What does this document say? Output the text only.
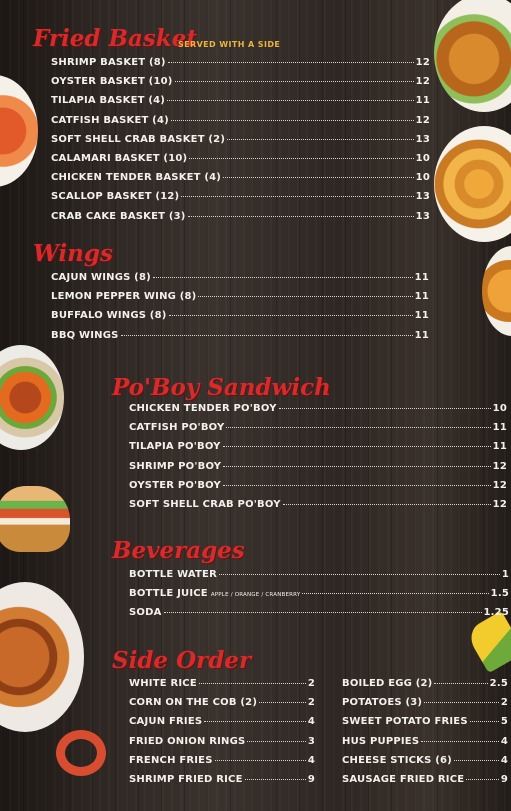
Fried Basket
SERVED WITH A SIDE
SHRIMP BASKET (8)	12
OYSTER BASKET (10)	12
TILAPIA BASKET (4)	11
CATFISH BASKET (4)	12
SOFT SHELL CRAB BASKET (2)	13
CALAMARI BASKET (10)	10
CHICKEN TENDER BASKET (4)	10
SCALLOP BASKET (12)	13
CRAB CAKE BASKET (3)	13
Wings
CAJUN WINGS (8)	11
LEMON PEPPER WING (8)	11
BUFFALO WINGS (8)	11
BBQ WINGS	11
Po'Boy Sandwich
CHICKEN TENDER PO'BOY	10
CATFISH PO'BOY	11
TILAPIA PO'BOY	11
SHRIMP PO'BOY	12
OYSTER PO'BOY	12
SOFT SHELL CRAB PO'BOY	12
Beverages
BOTTLE WATER	1
BOTTLE JUICE APPLE / ORANGE / CRANBERRY	1.5
SODA	1.25
Side Order
WHITE RICE	2
CORN ON THE COB (2)	2
CAJUN FRIES	4
FRIED ONION RINGS	3
FRENCH FRIES	4
SHRIMP FRIED RICE	9
BOILED EGG (2)	2.5
POTATOES (3)	2
SWEET POTATO FRIES	5
HUS PUPPIES	4
CHEESE STICKS (6)	4
SAUSAGE FRIED RICE	9
